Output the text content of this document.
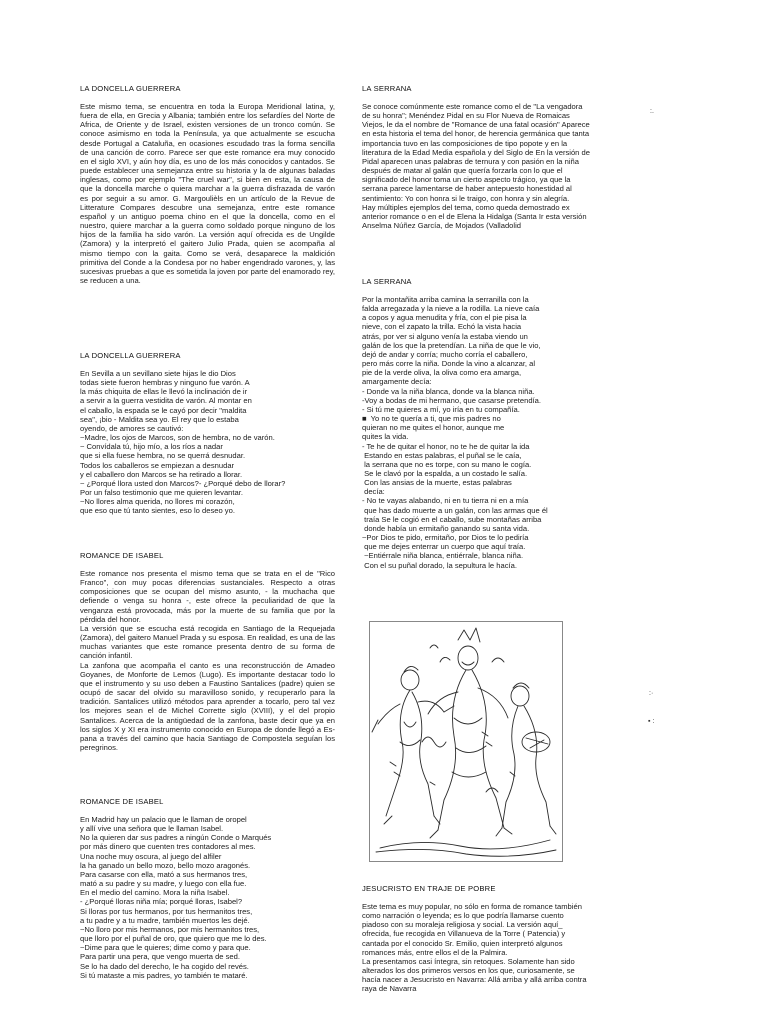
LA DONCELLA GUERRERA

Este mismo tema, se encuentra en toda la Europa Meridional latina, y, fuera de ella, en Grecia y Albania; también entre los sefardíes del Norte de Africa, de Oriente y de Israel, existen versiones de un tronco común. Se conoce asimismo en toda la Península, ya que actualmente se escucha desde Portugal a Cataluña, en ocasiones escudado tras la forma sencilla de una canción de corro. Parece ser que este romance era muy conocido en el siglo XVI, y aún hoy día, es uno de los más conocidos y cantados. Se puede establecer una semejanza entre su historia y la de algunas baladas inglesas, como por ejemplo "The cruel war", si bien en esta, la causa de que la doncella marche o quiera marchar a la guerra disfrazada de varón es por seguir a su amor. G. Margoulièls en un artículo de la Revue de Litterature Compares descubre una semejanza, entre este romance español y un antiguo poema chino en el que la doncella, como en el nuestro, quiere marchar a la guerra como soldado porque ninguno de los hijos de la familia ha sido varón. La versión aquí ofrecida es de Ungilde (Zamora) y la interpretó el gaitero Julio Prada, quien se acompaña al mismo tiempo con la gaita. Como se verá, desaparece la maldición primitiva del Conde a la Condesa por no haber engendrado varones, y, las sucesivas pruebas a que es sometida la joven por parte del enamorado rey, se reducen a una.

LA DONCELLA GUERRERA
En Sevilla a un sevillano siete hijas le dio Dios
todas siete fueron hembras y ninguno fue varón. A
la más chiquita de ellas le llevó la inclinación de ir
a servir a la guerra vestidita de varón. Al montar en
el caballo, la espada se le cayó por decir "maldita
sea", ¡bio - Maldita sea yo. El rey que lo estaba
oyendo, de amores se cautivó:
~Madre, los ojos de Marcos, son de hembra, no de varón.
~ Convídala tú, hijo mío, a los ríos a nadar
que si ella fuese hembra, no se querrá desnudar.
Todos los caballeros se empiezan a desnudar
y el caballero don Marcos se ha retirado a llorar.
~ ¿Porqué llora usted don Marcos?- ¿Porqué debo de llorar?
Por un falso testimonio que me quieren levantar.
~No llores alma querida, no llores mi corazón,
que eso que tú tanto sientes, eso lo deseo yo.
ROMANCE DE ISABEL

Este romance nos presenta el mismo tema que se trata en el de "Rico Franco", con muy pocas diferencias sustanciales. Respecto a otras composiciones que se ocupan del mismo asunto, - la muchacha que defiende o venga su honra -, este ofrece la peculiaridad de que la venganza está provocada, más por la muerte de su familia que por la pérdida del honor.

La versión que se escucha está recogida en Santiago de la Requejada (Zamora), del gaitero Manuel Prada y su esposa. En realidad, es una de las muchas variantes que este romance presenta dentro de su forma de canción infantil.

La zanfona que acompaña el canto es una reconstrucción de Amadeo Goyanes, de Monforte de Lemos (Lugo). Es importante destacar todo lo que el instrumento y su uso deben a Faustino Santalices (padre) quien se ocupó de sacar del olvido su maravilloso sonido, y recuperarlo para la tradición. Santalices utilizó métodos para aprender a tocarlo, pero tal vez los mejores sean el de Michel Corrette siglo (XVIII), y el del propio Santalices. Acerca de la antigüedad de la zanfona, baste decir que ya en los siglos X y XI era instrumento conocido en Europa de donde llegó a Es-pana a través del camino que hacia Santiago de Compostela seguían los peregrinos.

ROMANCE DE ISABEL
En Madrid hay un palacio que le llaman de oropel
y allí vive una señora que le llaman Isabel.
No la quieren dar sus padres a ningún Conde o Marqués
por más dinero que cuenten tres contadores al mes.
Una noche muy oscura, al juego del alfiler
la ha ganado un bello mozo, bello mozo aragonés.
Para casarse con ella, mató a sus hermanos tres,
mató a su padre y su madre, y luego con ella fue.
En el medio del camino. Mora la niña Isabel.
- ¿Porqué lloras niña mía; porqué lloras, Isabel?
Si lloras por tus hermanos, por tus hermanitos tres,
a tu padre y a tu madre, también muertos les dejé.
~No lloro por mis hermanos, por mis hermanitos tres,
que lloro por el puñal de oro, que quiero que me lo des.
~Dime para que le quieres; dime como y para que.
Para partir una pera, que vengo muerta de sed.
Se lo ha dado del derecho, le ha cogido del revés.
Si tú mataste a mis padres, yo también te mataré.
LA SERRANA

Se conoce comúnmente este romance como el de "La vengadora de su honra"; Menéndez Pidal en su Flor Nueva de Romaicas Viejos, le da el nombre de "Romance de una fatal ocasión" Aparece en esta historia el tema del honor, de herencia germánica que tanta importancia tuvo en las composiciones de tipo popote y en la literatura de la Edad Media española y del Siglo de En la versión de Pidal aparecen unas palabras de ternura y con pasión en la niña después de matar al galán que quería forzarla con lo que el significado del honor toma un cierto aspecto trágico, ya que la serrana parece lamentarse de haber antepuesto honestidad al sentimiento: Yo con honra si le traigo, con honra y sin alegría.

Hay múltiples ejemplos del tema, como queda demostrado ex anterior romance o en el de Elena la Hidalga (Santa Ir esta versión Anselma Núñez García, de Mojados (Valladolid

LA SERRANA
Por la montañita arriba camina la serranilla con la
falda arregazada y la nieve a la rodilla. La nieve caía
a copos y agua menudita y fría, con el pie pisa la
nieve, con el zapato la trilla. Echó la vista hacia
atrás, por ver si alguno venía la estaba viendo un
galán de los que la pretendían. La niña de que le vio,
dejó de andar y corría; mucho corría el caballero,
pero más corre la niña. Donde la vino a alcanzar, al
pie de la verde oliva, la oliva como era amarga,
amargamente decía:
- Donde va la niña blanca, donde va la blanca niña.
-Voy a bodas de mi hermano, que casarse pretendía.
- Si tú me quieres a mí, yo iría en tu compañía.
■  Yo no te quería a ti, que mis padres no
quieran no me quites el honor, aunque me
quites la vida.
- Te he de quitar el honor, no te he de quitar la ida
Estando en estas palabras, el puñal se le caía,
la serrana que no es torpe, con su mano le cogía.
Se le clavó por la espalda, a un costado le salía.
Con las ansias de la muerte, estas palabras
decía:
- No te vayas alabando, ni en tu tierra ni en a mía
que has dado muerte a un galán, con las armas que él
traía Se le cogió en el caballo, sube montañas arriba
donde había un ermitaño ganando su santa vida.
~Por Dios te pido, ermitaño, por Dios te lo pediría
que me dejes enterrar un cuerpo que aquí traía.
~Entiérrale niña blanca, entiérrale, blanca niña.
Con el su puñal dorado, la sepultura le hacía.
JESUCRISTO EN TRAJE DE POBRE

Este tema es muy popular, no sólo en forma de romance también como narración o leyenda; es lo que podría llamarse cuento piadoso con su moraleja religiosa y social. La versión aquí_ ofrecida, fue recogida en Villanueva de la Torre ( Patencia) y cantada por el conocido Sr. Emilio, quien interpretó algunos romances más, entre ellos el de la Palmira.

La presentamos casi íntegra, sin retoques. Solamente han sido alterados los dos primeros versos en los que, curiosamente, se hacía nacer a Jesucristo en Navarra: Allá arriba y allá arriba contra raya de Navarra

:.
:·
▪ :
